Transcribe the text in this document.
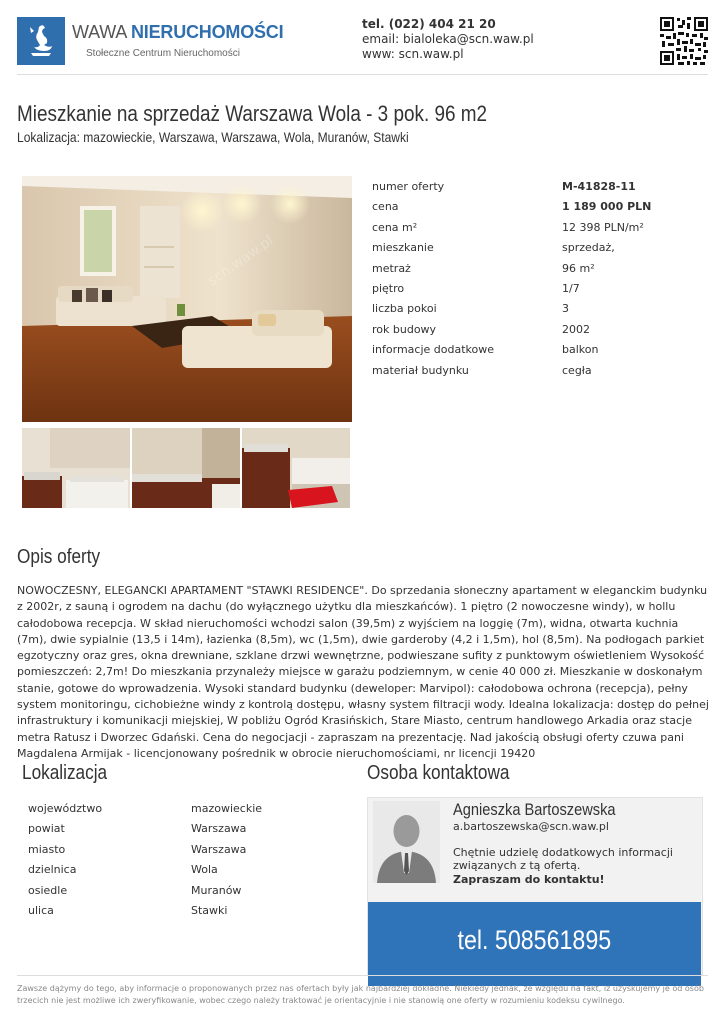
WAWA NIERUCHOMOŚCI
Stołeczne Centrum Nieruchomości
tel. (022) 404 21 20
email: bialoleka@scn.waw.pl
www: scn.waw.pl
Mieszkanie na sprzedaż Warszawa Wola - 3 pok. 96 m2
Lokalizacja: mazowieckie, Warszawa, Warszawa, Wola, Muranów, Stawki
scn.waw.pl
numer oferty	M-41828-11
cena	1 189 000 PLN
cena m²	12 398 PLN/m²
mieszkanie	sprzedaż,
metraż	96 m²
piętro	1/7
liczba pokoi	3
rok budowy	2002
informacje dodatkowe	balkon
materiał budynku	cegła
Opis oferty
NOWOCZESNY, ELEGANCKI APARTAMENT "STAWKI RESIDENCE". Do sprzedania słoneczny apartament w eleganckim budynku z 2002r, z sauną i ogrodem na dachu (do wyłącznego użytku dla mieszkańców). 1 piętro (2 nowoczesne windy), w hollu całodobowa recepcja. W skład nieruchomości wchodzi salon (39,5m) z wyjściem na loggię (7m), widna, otwarta kuchnia (7m), dwie sypialnie (13,5 i 14m), łazienka (8,5m), wc (1,5m), dwie garderoby (4,2 i 1,5m), hol (8,5m). Na podłogach parkiet egzotyczny oraz gres, okna drewniane, szklane drzwi wewnętrzne, podwieszane sufity z punktowym oświetleniem Wysokość pomieszczeń: 2,7m! Do mieszkania przynależy miejsce w garażu podziemnym, w cenie 40 000 zł. Mieszkanie w doskonałym stanie, gotowe do wprowadzenia. Wysoki standard budynku (deweloper: Marvipol): całodobowa ochrona (recepcja), pełny system monitoringu, cichobieżne windy z kontrolą dostępu, własny system filtracji wody. Idealna lokalizacja: dostęp do pełnej infrastruktury i komunikacji miejskiej, W pobliżu Ogród Krasińskich, Stare Miasto, centrum handlowego Arkadia oraz stacje metra Ratusz i Dworzec Gdański. Cena do negocjacji - zapraszam na prezentację. Nad jakością obsługi oferty czuwa pani Magdalena Armijak - licencjonowany pośrednik w obrocie nieruchomościami, nr licencji 19420
Lokalizacja
województwo	mazowieckie
powiat	Warszawa
miasto	Warszawa
dzielnica	Wola
osiedle	Muranów
ulica	Stawki
Osoba kontaktowa
Agnieszka Bartoszewska
a.bartoszewska@scn.waw.pl
Chętnie udzielę dodatkowych informacji związanych z tą ofertą.
Zapraszam do kontaktu!
tel. 508561895
Zawsze dążymy do tego, aby informacje o proponowanych przez nas ofertach były jak najbardziej dokładne. Niekiedy jednak, ze względu na fakt, iż uzyskujemy je od osób trzecich nie jest możliwe ich zweryfikowanie, wobec czego należy traktować je orientacyjnie i nie stanowią one oferty w rozumieniu kodeksu cywilnego.
